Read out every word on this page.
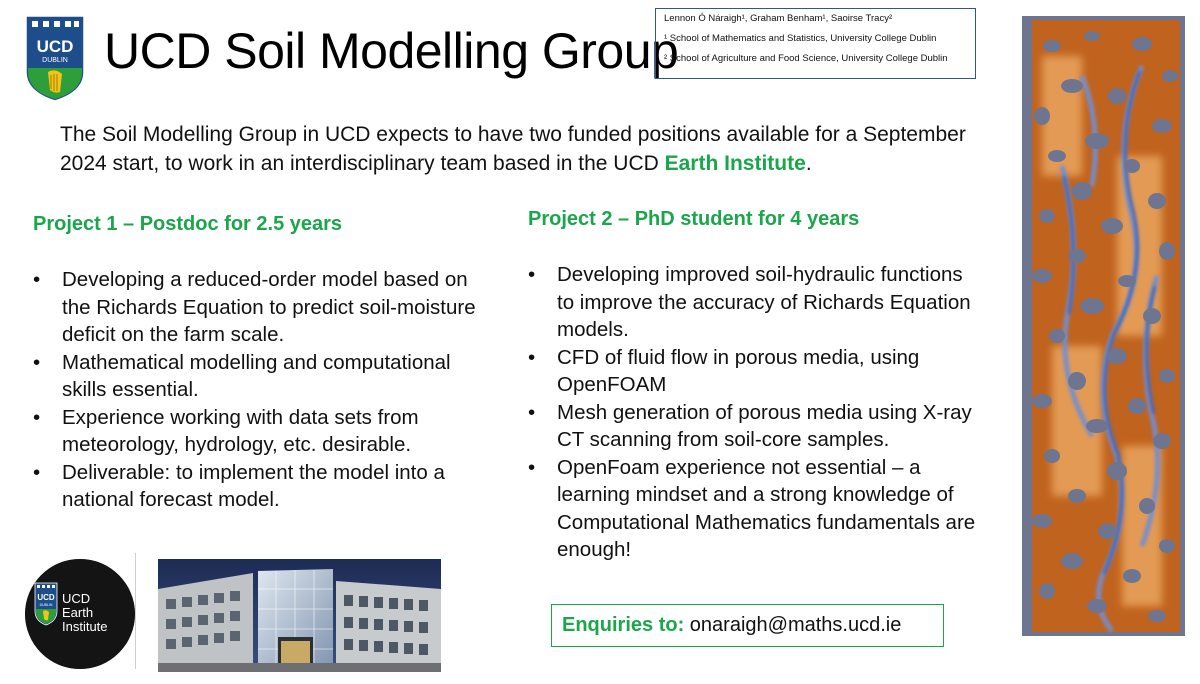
UCD
DUBLIN UCD Soil Modelling Group
Lennon Ó Náraigh¹, Graham Benham¹, Saoirse Tracy²
¹ School of Mathematics and Statistics, University College Dublin
² School of Agriculture and Food Science, University College Dublin
The Soil Modelling Group in UCD expects to have two funded positions available for a September 2024 start, to work in an interdisciplinary team based in the UCD Earth Institute.
Project 1 – Postdoc for 2.5 years
• Developing a reduced-order model based on the Richards Equation to predict soil-moisture deficit on the farm scale.
• Mathematical modelling and computational skills essential.
• Experience working with data sets from meteorology, hydrology, etc. desirable.
• Deliverable: to implement the model into a national forecast model.
Project 2 – PhD student for 4 years
• Developing improved soil-hydraulic functions to improve the accuracy of Richards Equation models.
• CFD of fluid flow in porous media, using OpenFOAM
• Mesh generation of porous media using X-ray CT scanning from soil-core samples.
• OpenFoam experience not essential – a learning mindset and a strong knowledge of Computational Mathematics fundamentals are enough!
UCD
DUBLIN UCD
Earth
Institute	Enquiries to: onaraigh@maths.ucd.ie
